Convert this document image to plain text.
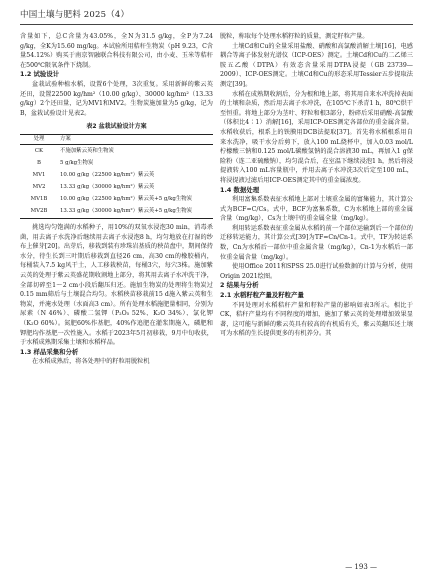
中国土壤与肥料 2025（4）

含量如下，总C含量为43.05%，全N为31.5 g/kg，全P为7.24 g/kg，全K为15.60 mg/kg。本试验所用秸秆生物炭（pH 9.23，C含量54.12%）购买于南京智融联合科技有限公司，由小麦、玉米等秸秆在500℃限氧条件下烧制。

1.2 试验设计

盆栽试验种植水稻，设置6个处理，3次重复。采用新鲜的紫云英还田，设置22500 kg/hm²（10.00 g/kg）、30000 kg/hm²（13.33 g/kg）2个还田量，记为MV1和MV2。生物炭施加量为5 g/kg，记为B，盆栽试验设计见表2。

表2 盆栽试验设计方案
处理	方案
CK	不施加紫云英和生物炭
B	5 g/kg生物炭
MV1	10.00 g/kg（22500 kg/hm²）紫云英
MV2	13.33 g/kg（30000 kg/hm²）紫云英
MV1B	10.00 g/kg（22500 kg/hm²）紫云英+5 g/kg生物炭
MV2B	13.33 g/kg（30000 kg/hm²）紫云英+5 g/kg生物炭

挑选均匀饱满的水稻种子，用10%的双氧水浸泡30 min，消毒杀菌，用去离子水洗净后继续用去离子水浸泡8 h，均匀地放在打湿的纱布上催芽[20]。出芽后，移栽到装有珍珠岩基质的秧苗盘中，期间保持水分，待生长到三叶期后移栽到直径26 cm、高30 cm的橡胶桶内，每桶装入7.5 kg风干土，人工移栽秧苗，每桶3穴，每穴3株。施加紫云英的处理于紫云英盛花期收割地上部分，将其用去离子水冲洗干净，全部切碎至1～2 cm小段后翻压归还。施加生物炭的处理将生物炭过0.15 mm筛后与土壤混合均匀。水稻秧苗移栽前15 d施入紫云英和生物炭，并淹水处理（水面高3 cm）。所有处理水稻施肥量相同，分别为尿素（N 46%）、磷酸二氢钾（P₂O₅ 52%、K₂O 34%）、氯化钾（K₂O 60%）。氮肥60%作基肥，40%作追肥在灌浆期施入，磷肥和钾肥均作基肥一次性施入。水稻于2023年5月初移栽，9月中旬收获，于水稻成熟期采集土壤和水稻样品。

1.3 样品采集和分析

在水稻成熟后，将各处理中的籽粒用脱粒机

脱粒，称取每个处理水稻籽粒的质量，测定籽粒产量。

土壤Cd和Cu的全量采用盐酸、硝酸和高氯酸消解土壤[16]，电感耦合等离子体发射光谱仪（ICP-OES）测定。土壤Cd和Cu的二乙烯三胺五乙酸（DTPA）有效态含量采用DTPA浸提（GB 23739—2009）、ICP-OES测定。土壤Cd和Cu的形态采用Tessier五步提取法测定[39]。

水稻在成熟期收割后，分为根和地上部，将其用自来水冲洗掉表面的土壤和杂质，然后用去离子水冲洗，在105℃下杀青1 h，80℃烘干至恒重。将地上部分为茎叶、籽粒和根3部分，粉碎后采用硝酸-高氯酸（体积比4∶1）消解[16]，采用ICP-OES测定各部位的重金属含量。水稻收获后，根系上的铁膜用DCB法提取[37]。首先将水稻根系用自来水洗净，吸干水分后剪下，放入100 mL烧杯中，加入0.03 mol/L柠檬酸三钠和0.125 mol/L碳酸氢钠的混合溶液30 mL，再加入1 g保险粉（连二亚硫酸钠），均匀混合后，在室温下继续浸泡1 h，然后将浸提液转入100 mL容量瓶中，并用去离子水冲洗3次后定至100 mL，将浸提液过滤后用ICP-OES测定其中的重金属浓度。

1.4 数据处理

利用富集系数表征水稻地上部对土壤重金属的富集能力，其计算公式为BCF=C/Cs。式中，BCF为富集系数，C为水稻地上部的重金属含量（mg/kg），Cs为土壤中的重金属全量（mg/kg）。

利用转运系数表征重金属从水稻的前一个部位运输到后一个部位的迁移转运能力，其计算公式[39]为TF=Cn/Cn-1。式中，TF为转运系数，Cn为水稻后一部位中重金属含量（mg/kg），Cn-1为水稻后一部位重金属含量（mg/kg）。

使用Office 2011和SPSS 25.0进行试验数据的计算与分析，使用Origin 2021绘图。

2 结果与分析

2.1 水稻籽粒产量及籽粒产量

不同处理对水稻秸秆产量和籽粒产量的影响如表3所示。相比于CK，秸秆产量均有不同程度的增加，施加了紫云英的处理增加效果显著，这可能与新鲜的紫云英具有较高的有机质有关，紫云英翻压还土壤可为水稻的生长提供更多的有机养分。其

— 193 —
